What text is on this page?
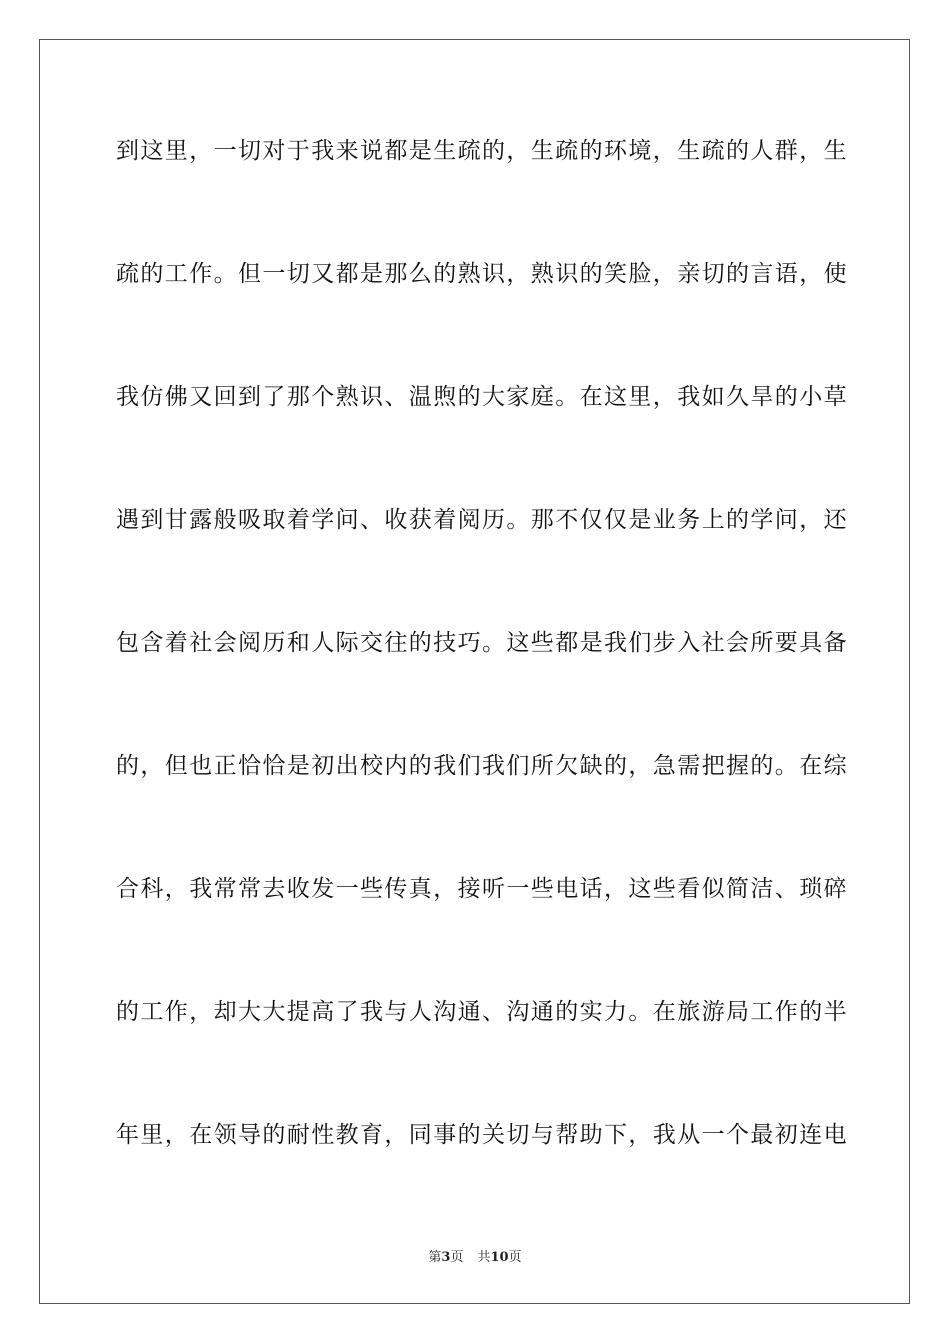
到这里，一切对于我来说都是生疏的，生疏的环境，生疏的人群，生
疏的工作。但一切又都是那么的熟识，熟识的笑脸，亲切的言语，使
我仿佛又回到了那个熟识、温煦的大家庭。在这里，我如久旱的小草
遇到甘露般吸取着学问、收获着阅历。那不仅仅是业务上的学问，还
包含着社会阅历和人际交往的技巧。这些都是我们步入社会所要具备
的，但也正恰恰是初出校内的我们我们所欠缺的，急需把握的。在综
合科，我常常去收发一些传真，接听一些电话，这些看似简洁、琐碎
的工作，却大大提高了我与人沟通、沟通的实力。在旅游局工作的半
年里，在领导的耐性教育，同事的关切与帮助下，我从一个最初连电
第3页 共10页
